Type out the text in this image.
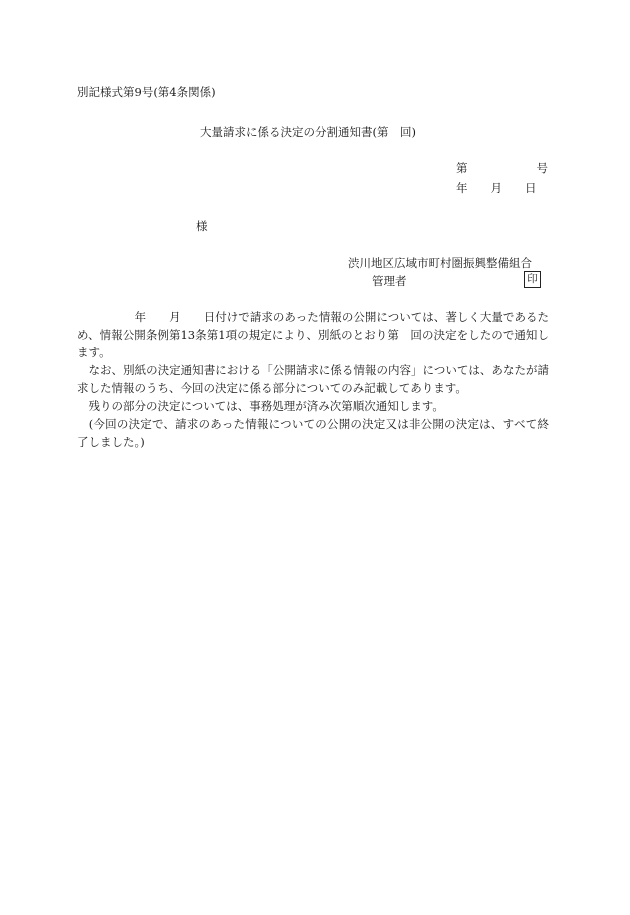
別記様式第9号(第4条関係)
大量請求に係る決定の分割通知書(第　回)
第　　　　　　号
年　　月　　日
様
渋川地区広域市町村圏振興整備組合
管理者	印
　　　　　年　　月　　日付けで請求のあった情報の公開については、著しく大量であるため、情報公開条例第13条第1項の規定により、別紙のとおり第　回の決定をしたので通知します。
　なお、別紙の決定通知書における「公開請求に係る情報の内容」については、あなたが請求した情報のうち、今回の決定に係る部分についてのみ記載してあります。
　残りの部分の決定については、事務処理が済み次第順次通知します。
　(今回の決定で、請求のあった情報についての公開の決定又は非公開の決定は、すべて終了しました。)
